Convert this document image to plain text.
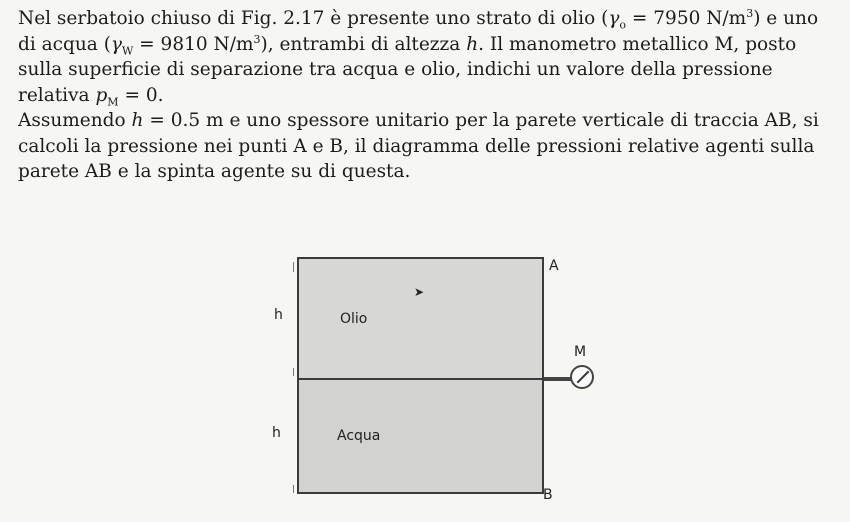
Nel serbatoio chiuso di Fig. 2.17 è presente uno strato di olio ($\gamma_o = 7950$ $N/m^3$) e uno di acqua ($\gamma_W = 9810$ $N/m^3$), entrambi di altezza h. Il manometro metallico M, posto sulla superficie di separazione tra acqua e olio, indichi un valore della pressione relativa $p_M = 0$.
Assumendo h = 0.5 m e uno spessore unitario per la parete verticale di traccia AB, si calcoli la pressione nei punti A e B, il diagramma delle pressioni relative agenti sulla parete AB e la spinta agente su di questa.

A
B
M
h
h
Olio
Acqua
➤
